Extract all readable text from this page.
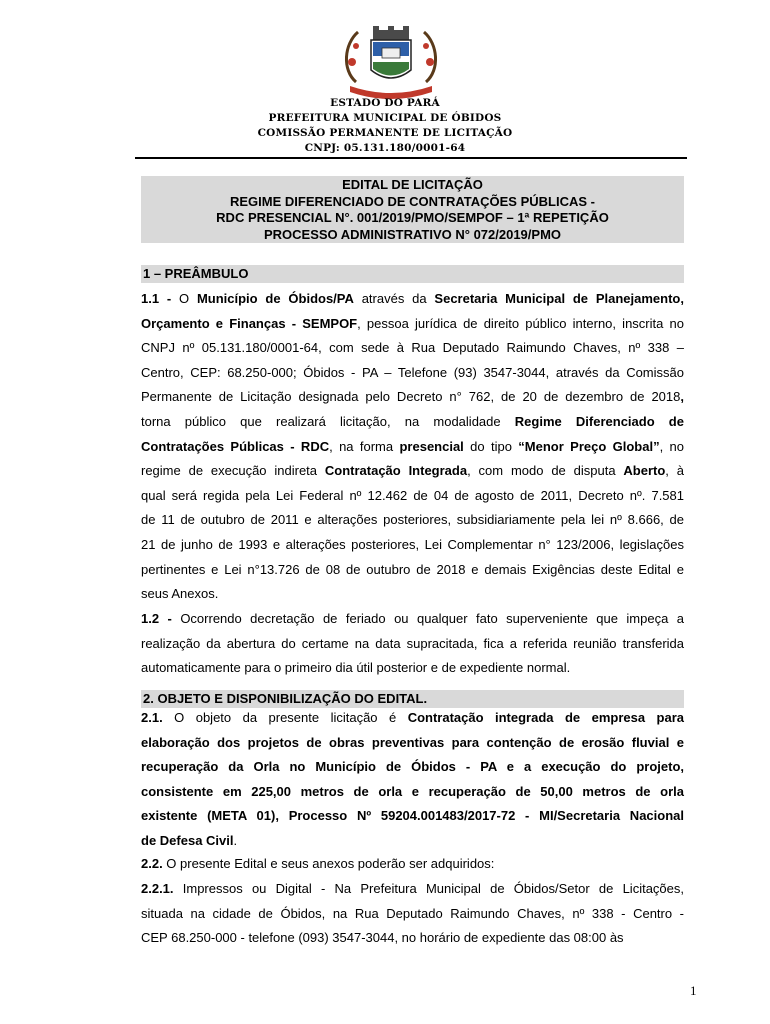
ESTADO DO PARÁ
PREFEITURA MUNICIPAL DE ÓBIDOS
COMISSÃO PERMANENTE DE LICITAÇÃO
CNPJ: 05.131.180/0001-64
EDITAL DE LICITAÇÃO
REGIME DIFERENCIADO DE CONTRATAÇÕES PÚBLICAS -
RDC PRESENCIAL N°. 001/2019/PMO/SEMPOF – 1ª REPETIÇÃO
PROCESSO ADMINISTRATIVO N° 072/2019/PMO
1 – PREÂMBULO
1.1 - O Município de Óbidos/PA através da Secretaria Municipal de Planejamento,
Orçamento e Finanças - SEMPOF, pessoa jurídica de direito público interno, inscrita no
CNPJ nº 05.131.180/0001-64, com sede à Rua Deputado Raimundo Chaves, nº 338 –
Centro, CEP: 68.250-000; Óbidos - PA – Telefone (93) 3547-3044, através da Comissão
Permanente de Licitação designada pelo Decreto n° 762, de 20 de dezembro de 2018,
torna público que realizará licitação, na modalidade Regime Diferenciado de
Contratações Públicas - RDC, na forma presencial do tipo “Menor Preço Global”, no
regime de execução indireta Contratação Integrada, com modo de disputa Aberto, à
qual será regida pela Lei Federal nº 12.462 de 04 de agosto de 2011, Decreto nº. 7.581
de 11 de outubro de 2011 e alterações posteriores, subsidiariamente pela lei nº 8.666, de
21 de junho de 1993 e alterações posteriores, Lei Complementar n° 123/2006, legislações
pertinentes e Lei n°13.726 de 08 de outubro de 2018 e demais Exigências deste Edital e
seus Anexos.
1.2 - Ocorrendo decretação de feriado ou qualquer fato superveniente que impeça a
realização da abertura do certame na data supracitada, fica a referida reunião transferida
automaticamente para o primeiro dia útil posterior e de expediente normal.
2. OBJETO E DISPONIBILIZAÇÃO DO EDITAL.
2.1. O objeto da presente licitação é Contratação integrada de empresa para
elaboração dos projetos de obras preventivas para contenção de erosão fluvial e
recuperação da Orla no Município de Óbidos - PA e a execução do projeto,
consistente em 225,00 metros de orla e recuperação de 50,00 metros de orla
existente (META 01), Processo Nº 59204.001483/2017-72 - MI/Secretaria Nacional
de Defesa Civil.
2.2. O presente Edital e seus anexos poderão ser adquiridos:
2.2.1. Impressos ou Digital - Na Prefeitura Municipal de Óbidos/Setor de Licitações,
situada na cidade de Óbidos, na Rua Deputado Raimundo Chaves, nº 338 - Centro -
CEP 68.250-000 - telefone (093) 3547-3044, no horário de expediente das 08:00 às
1
